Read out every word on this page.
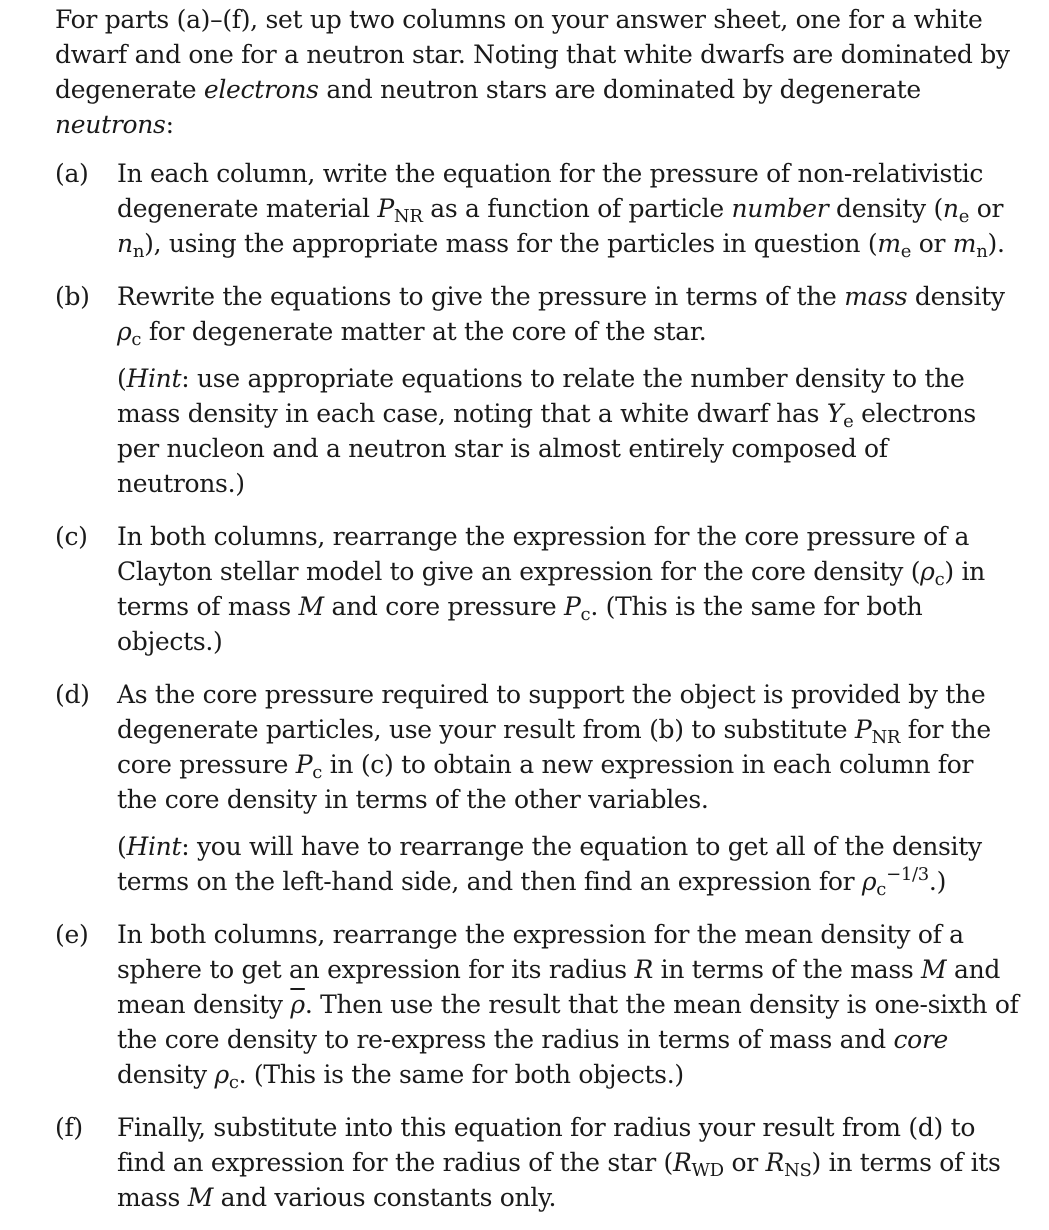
For parts (a)–(f), set up two columns on your answer sheet, one for a white dwarf and one for a neutron star. Noting that white dwarfs are dominated by degenerate electrons and neutron stars are dominated by degenerate neutrons:

(a)	In each column, write the equation for the pressure of non-relativistic degenerate material $P_{NR}$ as a function of particle number density ($n_e$ or $n_n$), using the appropriate mass for the particles in question ($m_e$ or $m_n$).

(b)	Rewrite the equations to give the pressure in terms of the mass density $\rho_c$ for degenerate matter at the core of the star.

(Hint: use appropriate equations to relate the number density to the mass density in each case, noting that a white dwarf has $Y_e$ electrons per nucleon and a neutron star is almost entirely composed of neutrons.)

(c)	In both columns, rearrange the expression for the core pressure of a Clayton stellar model to give an expression for the core density $(\rho_c)$ in terms of mass M and core pressure $P_c$. (This is the same for both objects.)

(d)	As the core pressure required to support the object is provided by the degenerate particles, use your result from (b) to substitute $P_{NR}$ for the core pressure $P_c$ in (c) to obtain a new expression in each column for the core density in terms of the other variables.

(Hint: you will have to rearrange the equation to get all of the density terms on the left-hand side, and then find an expression for $\rho_c^{-1/3}$.)

(e)	In both columns, rearrange the expression for the mean density of a sphere to get an expression for its radius R in terms of the mass M and mean density $\overline{\rho}$. Then use the result that the mean density is one-sixth of the core density to re-express the radius in terms of mass and core density $\rho_c$. (This is the same for both objects.)

(f)	Finally, substitute into this equation for radius your result from (d) to find an expression for the radius of the star ($R_{WD}$ or $R_{NS}$) in terms of its mass M and various constants only.
